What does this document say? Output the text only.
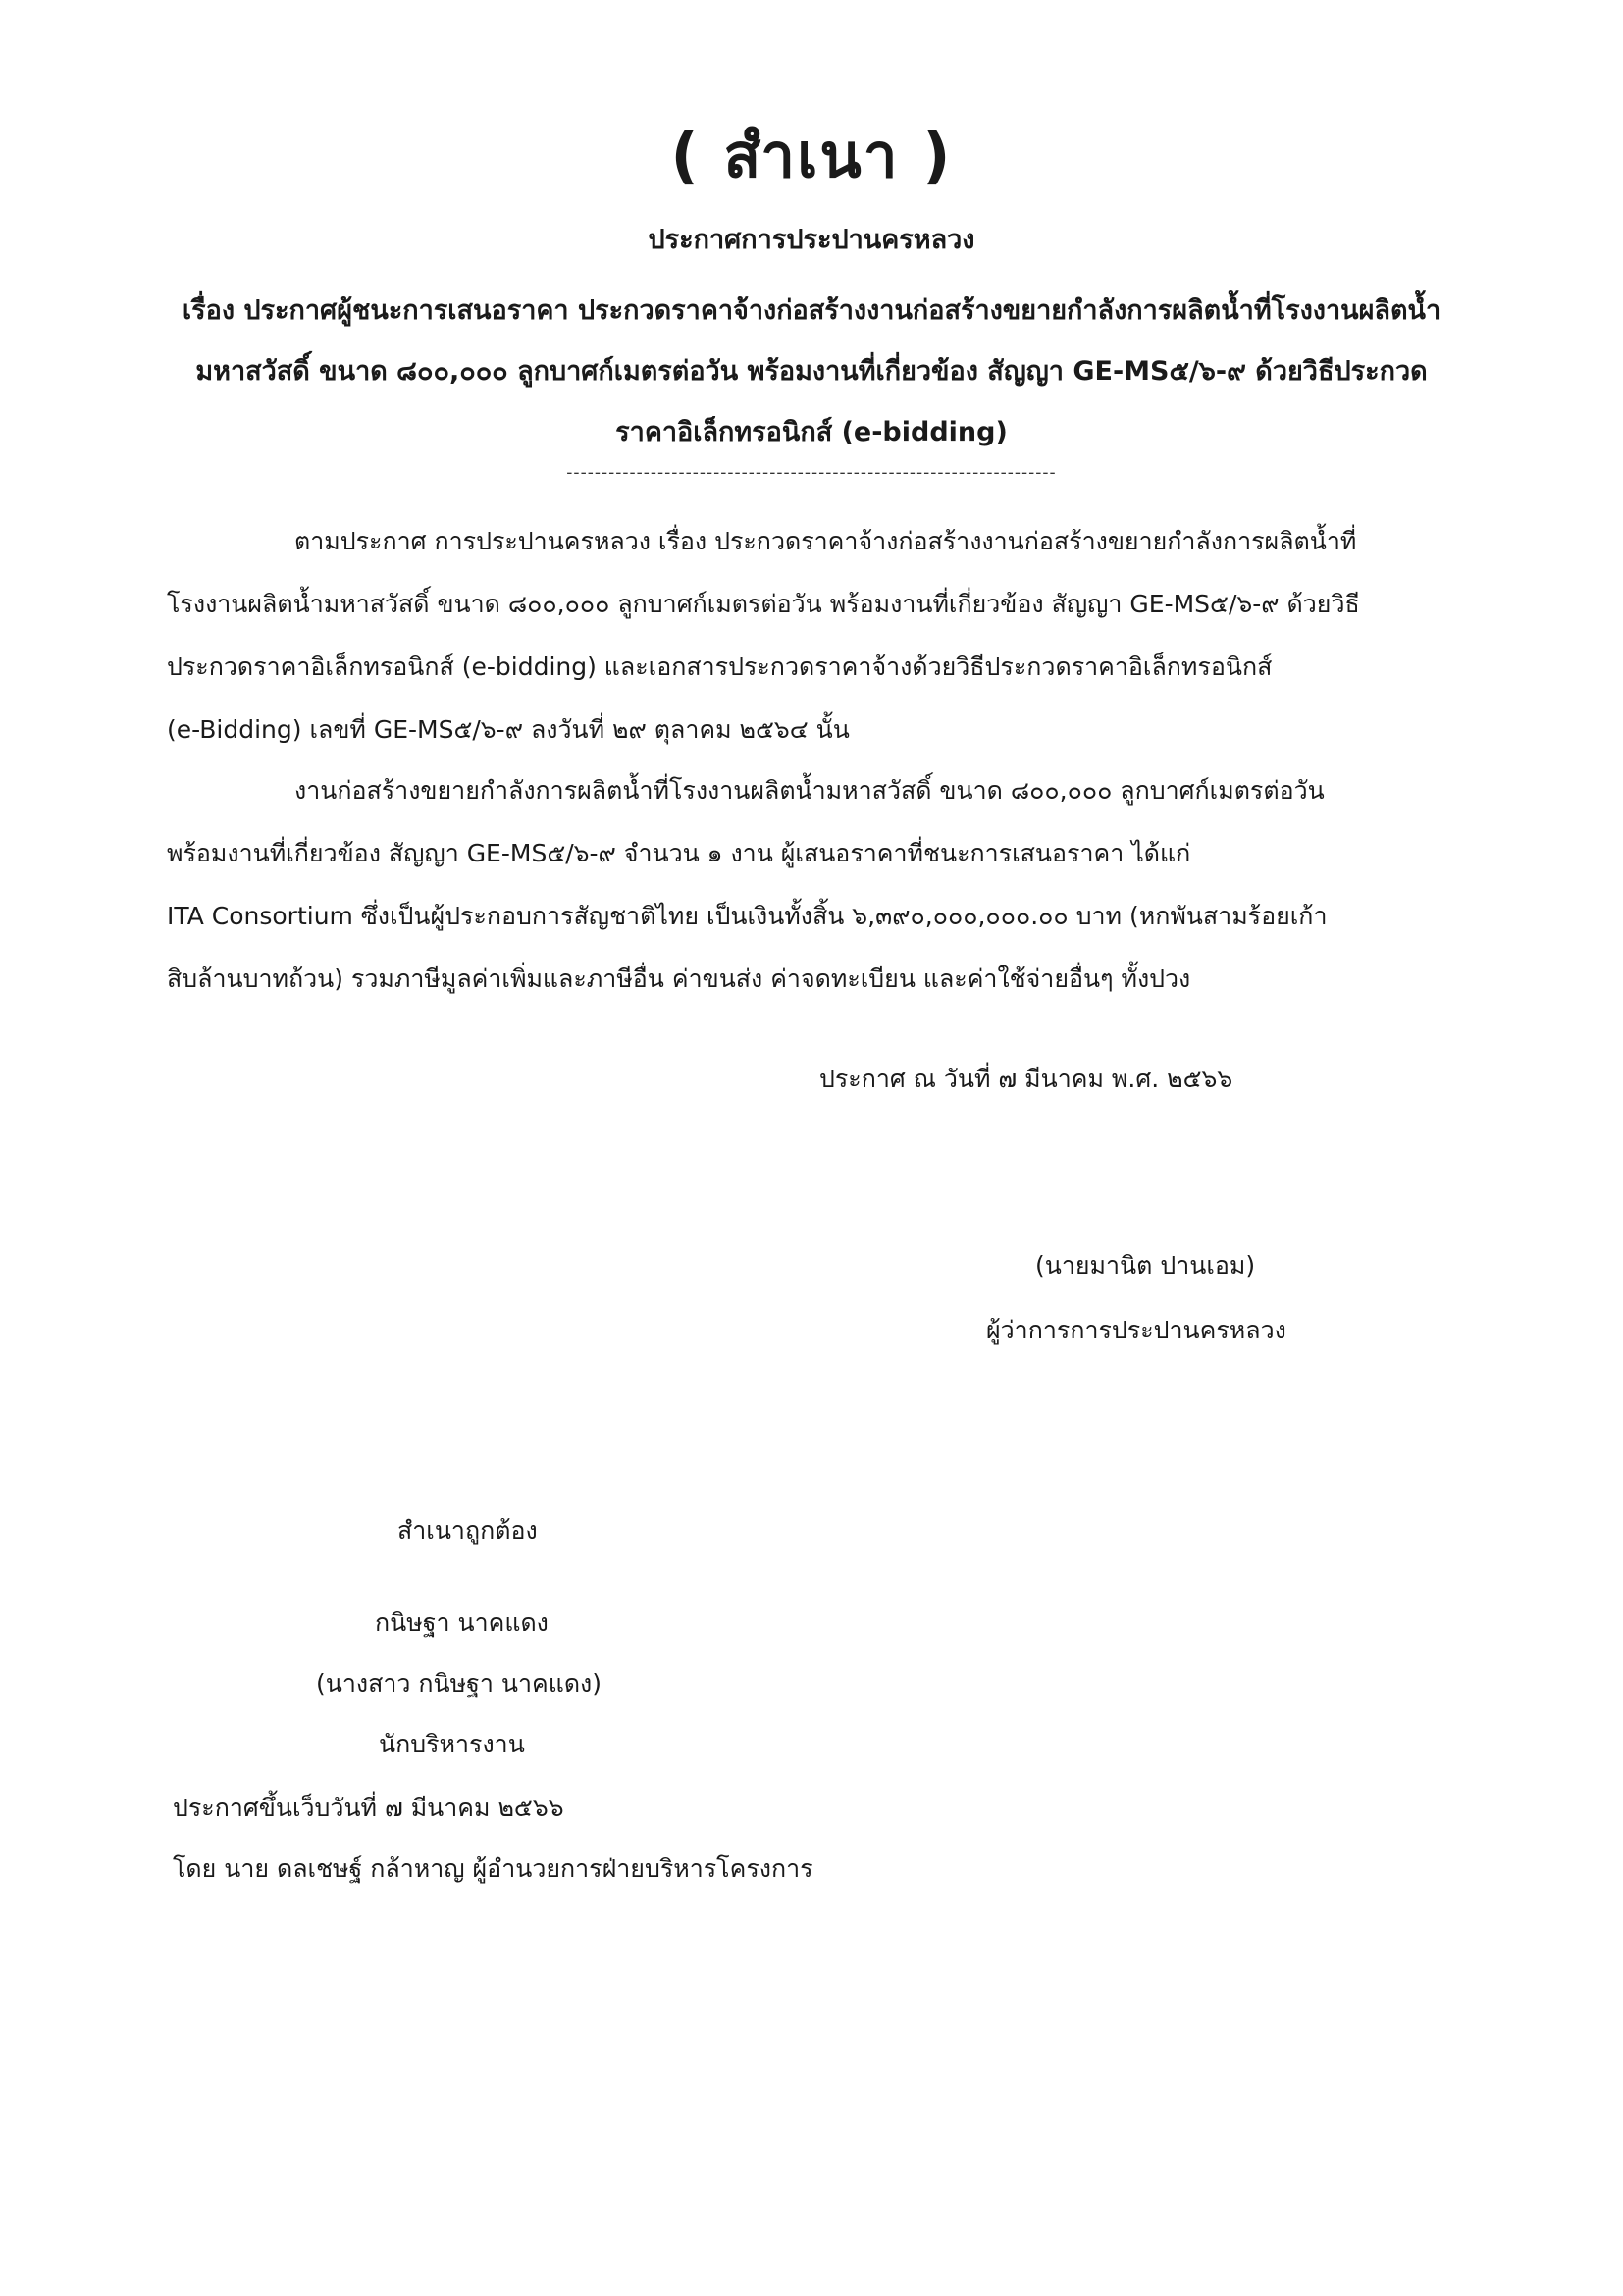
( สำเนา )
ประกาศการประปานครหลวง
เรื่อง ประกาศผู้ชนะการเสนอราคา ประกวดราคาจ้างก่อสร้างงานก่อสร้างขยายกำลังการผลิตน้ำที่โรงงานผลิตน้ำ
มหาสวัสดิ์ ขนาด ๘๐๐,๐๐๐ ลูกบาศก์เมตรต่อวัน พร้อมงานที่เกี่ยวข้อง สัญญา GE-MS๕/๖-๙ ด้วยวิธีประกวด
ราคาอิเล็กทรอนิกส์ (e-bidding)
----------------------------------------------------------------------
ตามประกาศ การประปานครหลวง เรื่อง ประกวดราคาจ้างก่อสร้างงานก่อสร้างขยายกำลังการผลิตน้ำที่
โรงงานผลิตน้ำมหาสวัสดิ์ ขนาด ๘๐๐,๐๐๐ ลูกบาศก์เมตรต่อวัน พร้อมงานที่เกี่ยวข้อง สัญญา GE-MS๕/๖-๙ ด้วยวิธี
ประกวดราคาอิเล็กทรอนิกส์ (e-bidding) และเอกสารประกวดราคาจ้างด้วยวิธีประกวดราคาอิเล็กทรอนิกส์
(e-Bidding) เลขที่ GE-MS๕/๖-๙ ลงวันที่ ๒๙ ตุลาคม ๒๕๖๔ นั้น
งานก่อสร้างขยายกำลังการผลิตน้ำที่โรงงานผลิตน้ำมหาสวัสดิ์ ขนาด ๘๐๐,๐๐๐ ลูกบาศก์เมตรต่อวัน
พร้อมงานที่เกี่ยวข้อง สัญญา GE-MS๕/๖-๙ จำนวน ๑ งาน ผู้เสนอราคาที่ชนะการเสนอราคา ได้แก่
ITA Consortium ซึ่งเป็นผู้ประกอบการสัญชาติไทย เป็นเงินทั้งสิ้น ๖,๓๙๐,๐๐๐,๐๐๐.๐๐ บาท (หกพันสามร้อยเก้า
สิบล้านบาทถ้วน) รวมภาษีมูลค่าเพิ่มและภาษีอื่น ค่าขนส่ง ค่าจดทะเบียน และค่าใช้จ่ายอื่นๆ ทั้งปวง
ประกาศ ณ วันที่ ๗ มีนาคม พ.ศ. ๒๕๖๖
(นายมานิต ปานเอม)
ผู้ว่าการการประปานครหลวง
สำเนาถูกต้อง
กนิษฐา นาคแดง
(นางสาว กนิษฐา นาคแดง)
นักบริหารงาน
ประกาศขึ้นเว็บวันที่ ๗ มีนาคม ๒๕๖๖
โดย นาย ดลเชษฐ์ กล้าหาญ ผู้อำนวยการฝ่ายบริหารโครงการ
